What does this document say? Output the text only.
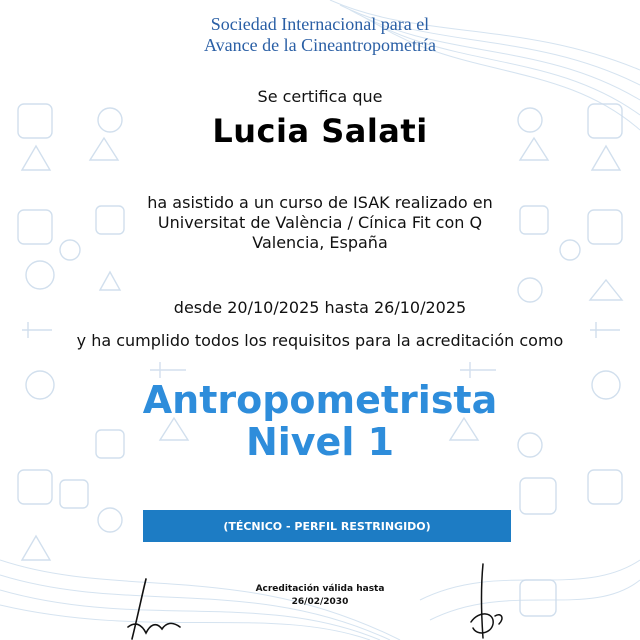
Sociedad Internacional para el
Avance de la Cineantropometría
Se certifica que
Lucia Salati
ha asistido a un curso de ISAK realizado en
Universitat de València / Cínica Fit con Q
Valencia, España
desde 20/10/2025 hasta 26/10/2025
y ha cumplido todos los requisitos para la acreditación como
Antropometrista
Nivel 1
(TÉCNICO - PERFIL RESTRINGIDO)
Acreditación válida hasta
26/02/2030
